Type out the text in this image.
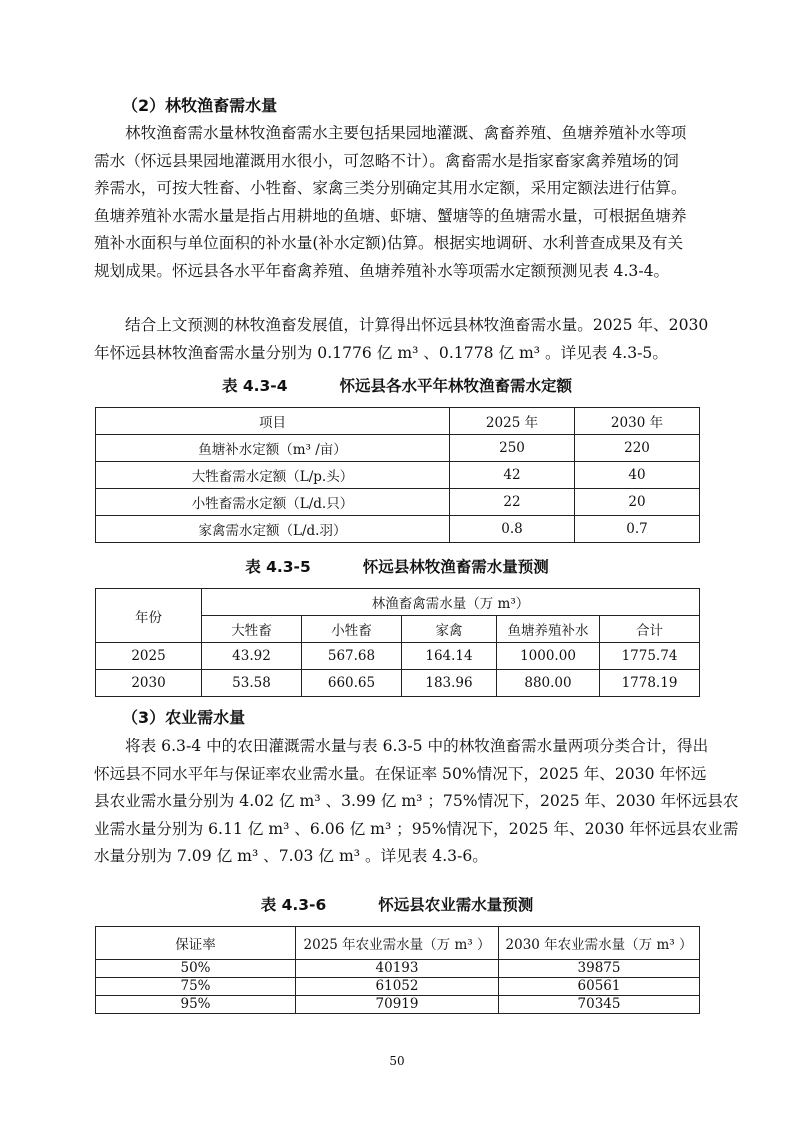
（2）林牧渔畜需水量
林牧渔畜需水量林牧渔畜需水主要包括果园地灌溉、禽畜养殖、鱼塘养殖补水等项
需水（怀远县果园地灌溉用水很小，可忽略不计）。禽畜需水是指家畜家禽养殖场的饲
养需水，可按大牲畜、小牲畜、家禽三类分别确定其用水定额，采用定额法进行估算。
鱼塘养殖补水需水量是指占用耕地的鱼塘、虾塘、蟹塘等的鱼塘需水量，可根据鱼塘养
殖补水面积与单位面积的补水量(补水定额)估算。根据实地调研、水利普查成果及有关
规划成果。怀远县各水平年畜禽养殖、鱼塘养殖补水等项需水定额预测见表 4.3-4。
结合上文预测的林牧渔畜发展值，计算得出怀远县林牧渔畜需水量。2025 年、2030
年怀远县林牧渔畜需水量分别为 0.1776 亿 m³ 、0.1778 亿 m³ 。详见表 4.3-5。
表 4.3-4	怀远县各水平年林牧渔畜需水定额
项目	2025 年	2030 年
鱼塘补水定额（m³ /亩）	250	220
大牲畜需水定额（L/p.头）	42	40
小牲畜需水定额（L/d.只）	22	20
家禽需水定额（L/d.羽）	0.8	0.7
表 4.3-5	怀远县林牧渔畜需水量预测
年份	林渔畜禽需水量（万 m³）				
	大牲畜	小牲畜	家禽	鱼塘养殖补水	合计
2025	43.92	567.68	164.14	1000.00	1775.74
2030	53.58	660.65	183.96	880.00	1778.19
（3）农业需水量
将表 6.3-4 中的农田灌溉需水量与表 6.3-5 中的林牧渔畜需水量两项分类合计，得出
怀远县不同水平年与保证率农业需水量。在保证率 50%情况下，2025 年、2030 年怀远
县农业需水量分别为 4.02 亿 m³ 、3.99 亿 m³ ；75%情况下，2025 年、2030 年怀远县农
业需水量分别为 6.11 亿 m³ 、6.06 亿 m³ ；95%情况下，2025 年、2030 年怀远县农业需
水量分别为 7.09 亿 m³ 、7.03 亿 m³ 。详见表 4.3-6。
表 4.3-6	怀远县农业需水量预测
保证率	2025 年农业需水量（万 m³ ）	2030 年农业需水量（万 m³ ）
50%	40193	39875
75%	61052	60561
95%	70919	70345
50
